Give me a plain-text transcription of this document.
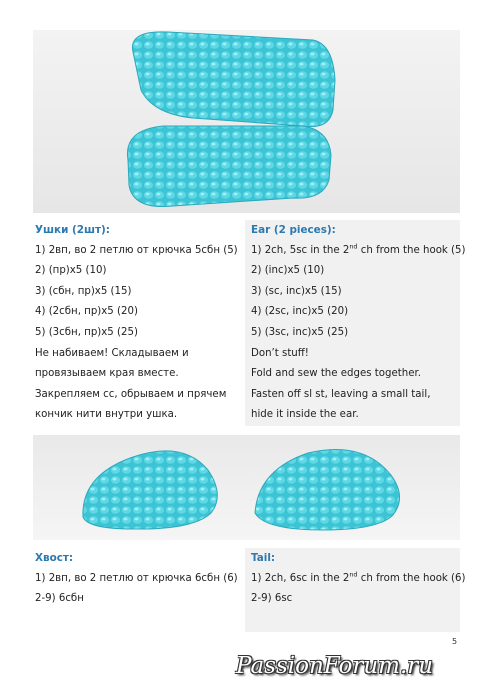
Ушки (2шт):
1) 2вп, во 2 петлю от крючка 5сбн (5)
2) (пр)х5 (10)
3) (сбн, пр)х5 (15)
4) (2сбн, пр)х5 (20)
5) (3сбн, пр)х5 (25)
Не набиваем! Складываем и
провязываем края вместе.
Закрепляем сс, обрываем и прячем
кончик нити внутри ушка.
Ear (2 pieces):
1) 2ch, 5sc in the 2nd ch from the hook (5)
2) (inc)x5 (10)
3) (sc, inc)x5 (15)
4) (2sc, inc)x5 (20)
5) (3sc, inc)x5 (25)
Don’t stuff!
Fold and sew the edges together.
Fasten off sl st, leaving a small tail,
hide it inside the ear.
Хвост:
1) 2вп, во 2 петлю от крючка 6сбн (6)
2-9) 6сбн
Tail:
1) 2ch, 6sc in the 2nd ch from the hook (6)
2-9) 6sc
5
PassionForum.ru
